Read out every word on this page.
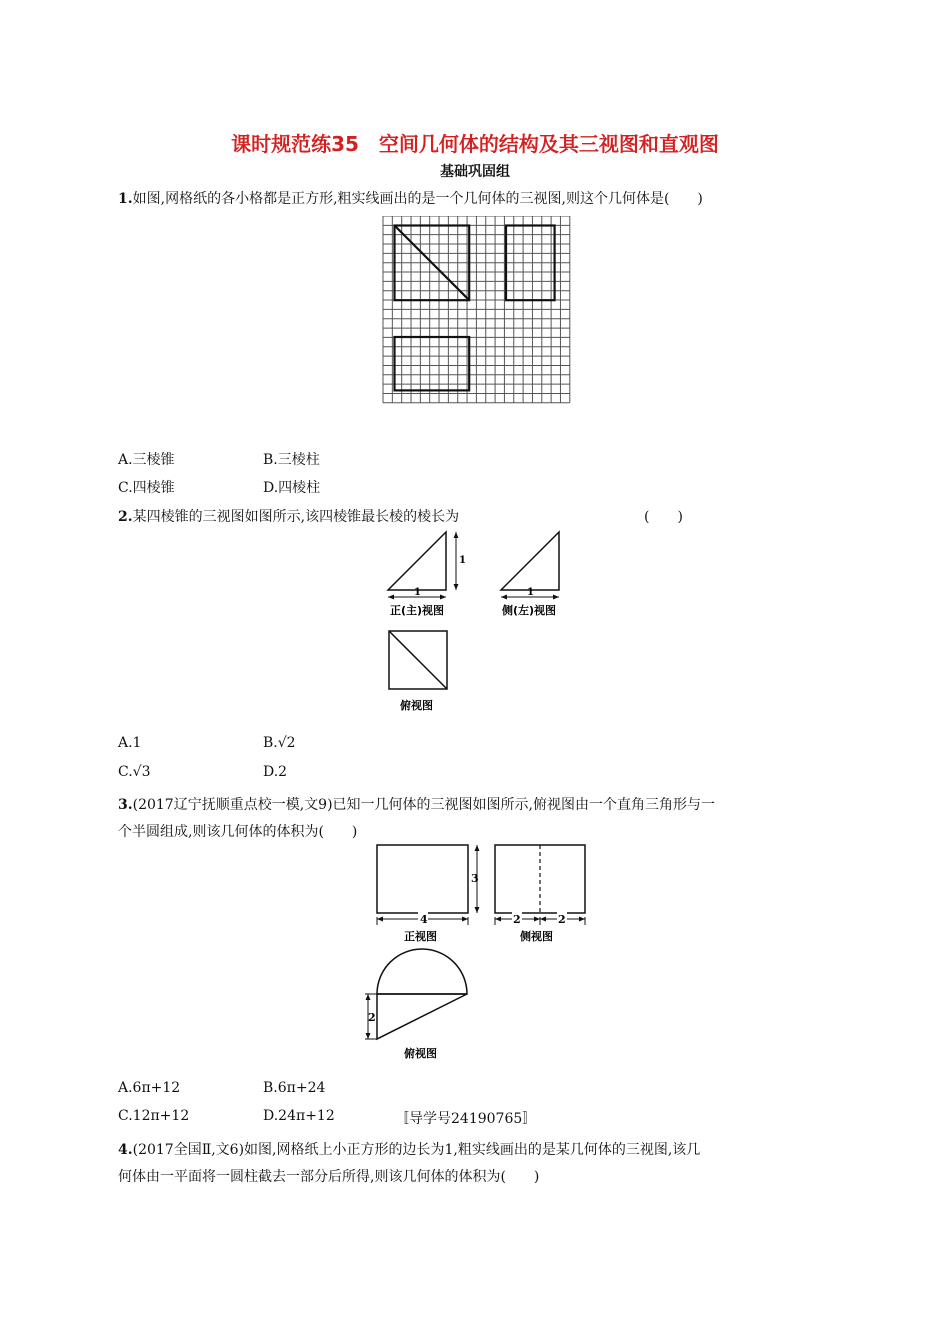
课时规范练35　空间几何体的结构及其三视图和直观图
基础巩固组
1.如图,网格纸的各小格都是正方形,粗实线画出的是一个几何体的三视图,则这个几何体是(　　)
A.三棱锥	B.三棱柱
C.四棱锥	D.四棱柱
2.某四棱锥的三视图如图所示,该四棱锥最长棱的棱长为	(　　)
1
1
正(主)视图
1
侧(左)视图
俯视图
A.1	B.√2
C.√3	D.2
3.(2017辽宁抚顺重点校一模,文9)已知一几何体的三视图如图所示,俯视图由一个直角三角形与一
个半圆组成,则该几何体的体积为(　　)
3
4
正视图
2	2
侧视图
2
俯视图
A.6π+12	B.6π+24
C.12π+12	D.24π+12	〚导学号24190765〛
4.(2017全国Ⅱ,文6)如图,网格纸上小正方形的边长为1,粗实线画出的是某几何体的三视图,该几
何体由一平面将一圆柱截去一部分后所得,则该几何体的体积为(　　)
